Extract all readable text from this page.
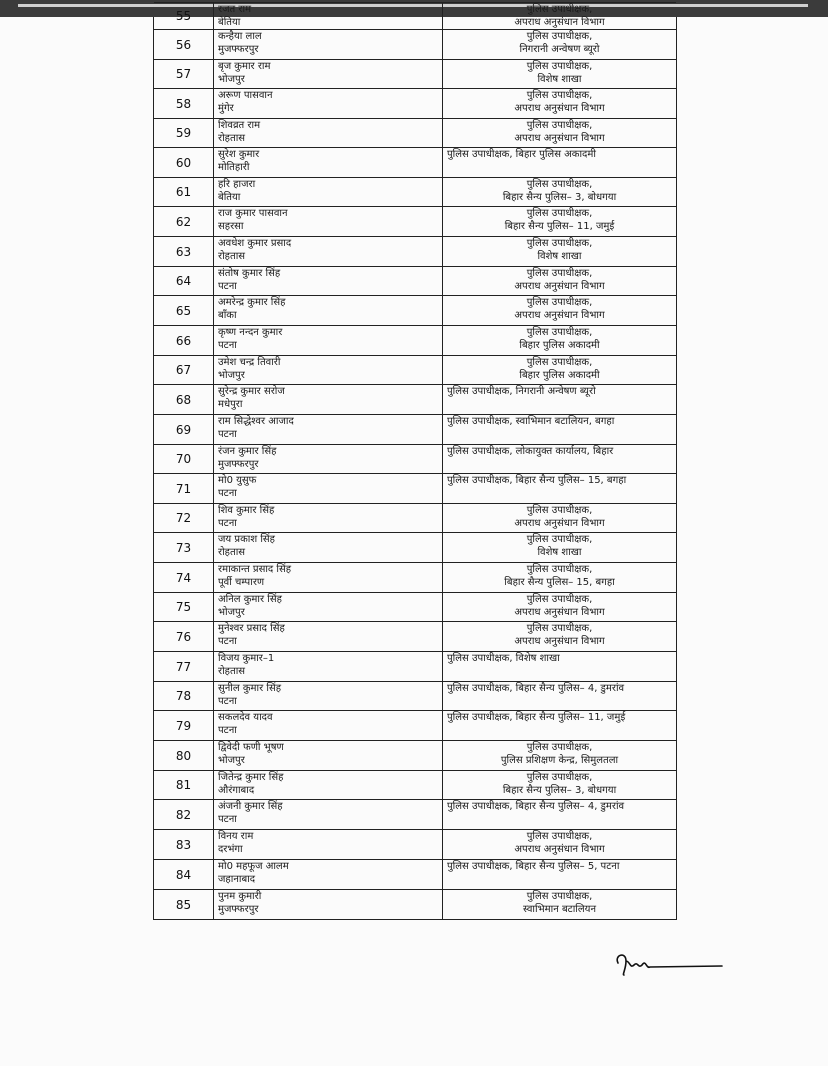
55	रजत राम
बेतिया
पुलिस उपाधीक्षक,
अपराध अनुसंधान विभाग
56
कन्हैया लाल
मुजफ्फरपुर
पुलिस उपाधीक्षक,
निगरानी अन्वेषण ब्यूरो
57
बृज कुमार राम
भोजपुर
पुलिस उपाधीक्षक,
विशेष शाखा
58
अरूण पासवान
मुंगेर
पुलिस उपाधीक्षक,
अपराध अनुसंधान विभाग
59
शिवव्रत राम
रोहतास
पुलिस उपाधीक्षक,
अपराध अनुसंधान विभाग
60
सुरेश कुमार
मोतिहारी
पुलिस उपाधीक्षक, बिहार पुलिस अकादमी
61
हरि हाजरा
बेतिया
पुलिस उपाधीक्षक,
बिहार सैन्य पुलिस– 3, बोधगया
62
राज कुमार पासवान
सहरसा
पुलिस उपाधीक्षक,
बिहार सैन्य पुलिस– 11, जमुई
63
अवधेश कुमार प्रसाद
रोहतास
पुलिस उपाधीक्षक,
विशेष शाखा
64
संतोष कुमार सिंह
पटना
पुलिस उपाधीक्षक,
अपराध अनुसंधान विभाग
65
अमरेन्द्र कुमार सिंह
बाँका
पुलिस उपाधीक्षक,
अपराध अनुसंधान विभाग
66
कृष्ण नन्दन कुमार
पटना
पुलिस उपाधीक्षक,
बिहार पुलिस अकादमी
67
उमेश चन्द्र तिवारी
भोजपुर
पुलिस उपाधीक्षक,
बिहार पुलिस अकादमी
68
सुरेन्द्र कुमार सरोज
मधेपुरा
पुलिस उपाधीक्षक, निगरानी अन्वेषण ब्यूरो
69
राम सिद्धेश्वर आजाद
पटना
पुलिस उपाधीक्षक, स्वाभिमान बटालियन, बगहा
70
रंजन कुमार सिंह
मुजफ्फरपुर
पुलिस उपाधीक्षक, लोकायुक्त कार्यालय, बिहार
71
मो0 युसुफ
पटना
पुलिस उपाधीक्षक, बिहार सैन्य पुलिस– 15, बगहा
72
शिव कुमार सिंह
पटना
पुलिस उपाधीक्षक,
अपराध अनुसंधान विभाग
73
जय प्रकाश सिंह
रोहतास
पुलिस उपाधीक्षक,
विशेष शाखा
74
रमाकान्त प्रसाद सिंह
पूर्वी चम्पारण
पुलिस उपाधीक्षक,
बिहार सैन्य पुलिस– 15, बगहा
75
अनिल कुमार सिंह
भोजपुर
पुलिस उपाधीक्षक,
अपराध अनुसंधान विभाग
76
मुनेश्वर प्रसाद सिंह
पटना
पुलिस उपाधीक्षक,
अपराध अनुसंधान विभाग
77
विजय कुमार–1
रोहतास
पुलिस उपाधीक्षक, विशेष शाखा
78
सुनील कुमार सिंह
पटना
पुलिस उपाधीक्षक, बिहार सैन्य पुलिस– 4, डुमरांव
79
सकलदेव यादव
पटना
पुलिस उपाधीक्षक, बिहार सैन्य पुलिस– 11, जमुई
80
द्विवेदी फणी भूषण
भोजपुर
पुलिस उपाधीक्षक,
पुलिस प्रशिक्षण केन्द्र, सिमुलतला
81
जितेन्द्र कुमार सिंह
औरंगाबाद
पुलिस उपाधीक्षक,
बिहार सैन्य पुलिस– 3, बोधगया
82
अंजनी कुमार सिंह
पटना
पुलिस उपाधीक्षक, बिहार सैन्य पुलिस– 4, डुमरांव
83
विनय राम
दरभंगा
पुलिस उपाधीक्षक,
अपराध अनुसंधान विभाग
84
मो0 महफूज आलम
जहानाबाद
पुलिस उपाधीक्षक, बिहार सैन्य पुलिस– 5, पटना
85
पुनम कुमारी
मुजफ्फरपुर
पुलिस उपाधीक्षक,
स्वाभिमान बटालियन
